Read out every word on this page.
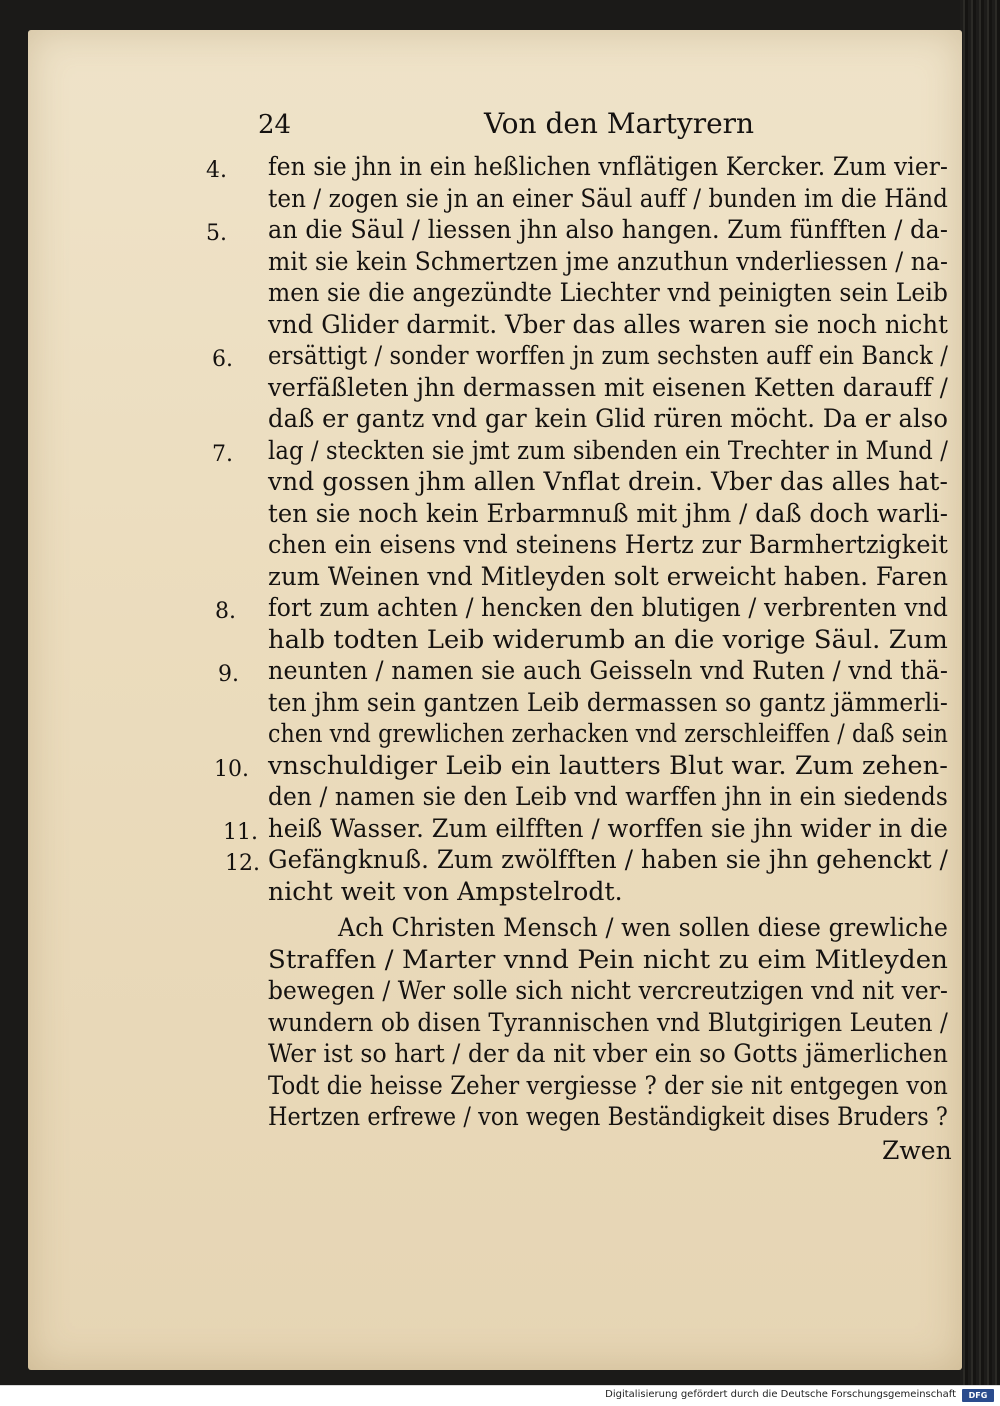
24	Von den Martyrern
fen sie jhn in ein heßlichen vnflätigen Kercker. Zum vier-
ten / zogen sie jn an einer Säul auff / bunden im die Händ
an die Säul / liessen jhn also hangen. Zum fünfften / da-
mit sie kein Schmertzen jme anzuthun vnderliessen / na-
men sie die angezündte Liechter vnd peinigten sein Leib
vnd Glider darmit. Vber das alles waren sie noch nicht
ersättigt / sonder worffen jn zum sechsten auff ein Banck /
verfäßleten jhn dermassen mit eisenen Ketten darauff /
daß er gantz vnd gar kein Glid rüren möcht. Da er also
lag / steckten sie jmt zum sibenden ein Trechter in Mund /
vnd gossen jhm allen Vnflat drein. Vber das alles hat-
ten sie noch kein Erbarmnuß mit jhm / daß doch warli-
chen ein eisens vnd steinens Hertz zur Barmhertzigkeit
zum Weinen vnd Mitleyden solt erweicht haben. Faren
fort zum achten / hencken den blutigen / verbrenten vnd
halb todten Leib widerumb an die vorige Säul. Zum
neunten / namen sie auch Geisseln vnd Ruten / vnd thä-
ten jhm sein gantzen Leib dermassen so gantz jämmerli-
chen vnd grewlichen zerhacken vnd zerschleiffen / daß sein
vnschuldiger Leib ein lautters Blut war. Zum zehen-
den / namen sie den Leib vnd warffen jhn in ein siedends
heiß Wasser. Zum eilfften / worffen sie jhn wider in die
Gefängknuß. Zum zwölfften / haben sie jhn gehenckt /
nicht weit von Ampstelrodt.
Ach Christen Mensch / wen sollen diese grewliche
Straffen / Marter vnnd Pein nicht zu eim Mitleyden
bewegen / Wer solle sich nicht vercreutzigen vnd nit ver-
wundern ob disen Tyrannischen vnd Blutgirigen Leuten /
Wer ist so hart / der da nit vber ein so Gotts jämerlichen
Todt die heisse Zeher vergiesse ? der sie nit entgegen von
Hertzen erfrewe / von wegen Beständigkeit dises Bruders ?
4.
5.
6.
7.
8.
9.
10.
11.
12.
Zwen
Digitalisierung gefördert durch die Deutsche Forschungsgemeinschaft	DFG
